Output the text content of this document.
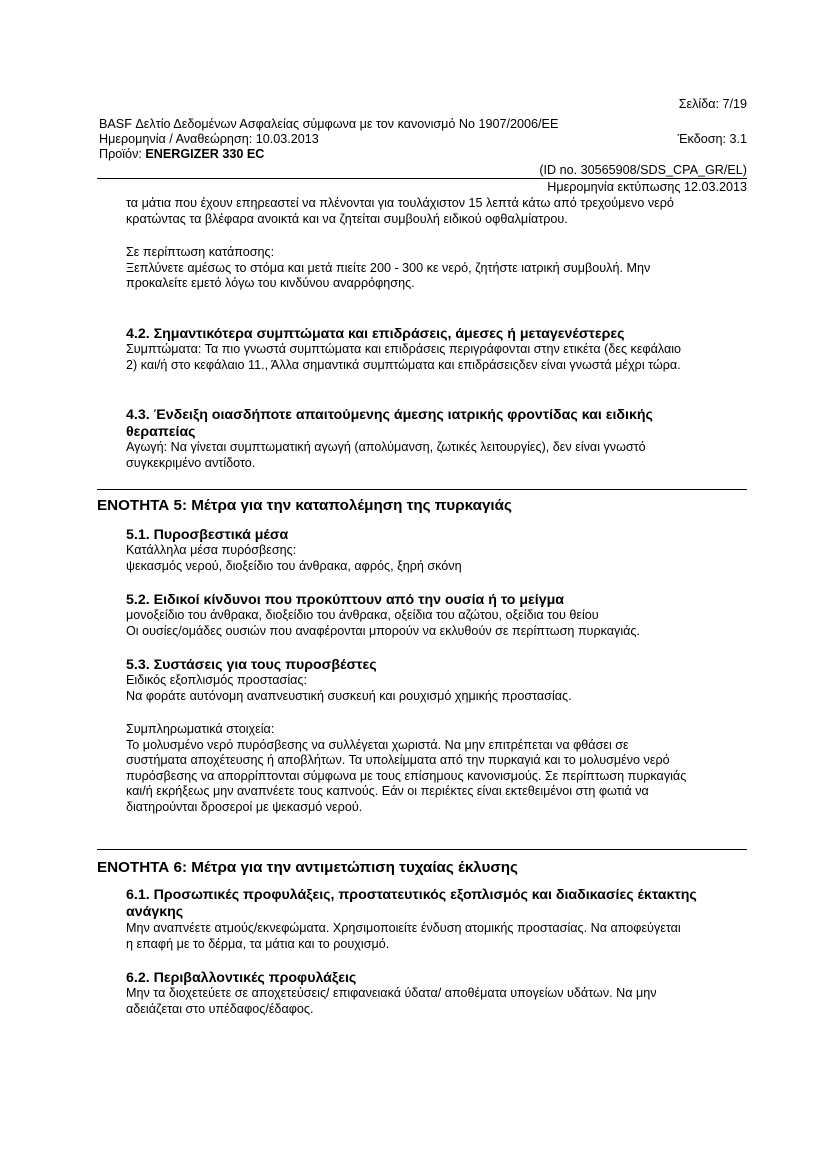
Σελίδα: 7/19
BASF Δελτίο Δεδομένων Ασφαλείας σύμφωνα με τον κανονισμό Νο 1907/2006/ΕΕ
Ημερομηνία / Αναθεώρηση: 10.03.2013	Έκδοση: 3.1
Προϊόν: ENERGIZER 330 EC
(ID no. 30565908/SDS_CPA_GR/EL)
Ημερομηνία εκτύπωσης 12.03.2013
τα μάτια που έχουν επηρεαστεί να πλένονται για τουλάχιστον 15 λεπτά κάτω από τρεχούμενο νερό
κρατώντας τα βλέφαρα ανοικτά και να ζητείται συμβουλή ειδικού οφθαλμίατρου.
Σε περίπτωση κατάποσης:
Ξεπλύνετε αμέσως το στόμα και μετά πιείτε 200 - 300 κε νερό, ζητήστε ιατρική συμβουλή. Μην
προκαλείτε εμετό λόγω του κινδύνου αναρρόφησης.
4.2. Σημαντικότερα συμπτώματα και επιδράσεις, άμεσες ή μεταγενέστερες
Συμπτώματα: Τα πιο γνωστά συμπτώματα και επιδράσεις περιγράφονται στην ετικέτα (δες κεφάλαιο
2) και/ή στο κεφάλαιο 11., Άλλα σημαντικά συμπτώματα και επιδράσειςδεν είναι γνωστά μέχρι τώρα.
4.3. Ένδειξη οιασδήποτε απαιτούμενης άμεσης ιατρικής φροντίδας και ειδικής
θεραπείας
Αγωγή: Να γίνεται συμπτωματική αγωγή (απολύμανση, ζωτικές λειτουργίες), δεν είναι γνωστό
συγκεκριμένο αντίδοτο.
ΕΝΟΤΗΤΑ 5: Μέτρα για την καταπολέμηση της πυρκαγιάς
5.1. Πυροσβεστικά μέσα
Κατάλληλα μέσα πυρόσβεσης:
ψεκασμός νερού, διοξείδιο του άνθρακα, αφρός, ξηρή σκόνη
5.2. Ειδικοί κίνδυνοι που προκύπτουν από την ουσία ή το μείγμα
μονοξείδιο του άνθρακα, διοξείδιο του άνθρακα, οξείδια του αζώτου, οξείδια του θείου
Οι ουσίες/ομάδες ουσιών που αναφέρονται μπορούν να εκλυθούν σε περίπτωση πυρκαγιάς.
5.3. Συστάσεις για τους πυροσβέστες
Ειδικός εξοπλισμός προστασίας:
Να φοράτε αυτόνομη αναπνευστική συσκευή και ρουχισμό χημικής προστασίας.
Συμπληρωματικά στοιχεία:
Το μολυσμένο νερό πυρόσβεσης να συλλέγεται χωριστά. Να μην επιτρέπεται να φθάσει σε
συστήματα αποχέτευσης ή αποβλήτων. Τα υπολείμματα από την πυρκαγιά και το μολυσμένο νερό
πυρόσβεσης να απορρίπτονται σύμφωνα με τους επίσημους κανονισμούς. Σε περίπτωση πυρκαγιάς
και/ή εκρήξεως μην αναπνέετε τους καπνούς. Εάν οι περιέκτες είναι εκτεθειμένοι στη φωτιά να
διατηρούνται δροσεροί με ψεκασμό νερού.
ΕΝΟΤΗΤΑ 6: Μέτρα για την αντιμετώπιση τυχαίας έκλυσης
6.1. Προσωπικές προφυλάξεις, προστατευτικός εξοπλισμός και διαδικασίες έκτακτης
ανάγκης
Μην αναπνέετε ατμούς/εκνεφώματα. Χρησιμοποιείτε ένδυση ατομικής προστασίας. Να αποφεύγεται
η επαφή με το δέρμα, τα μάτια και το ρουχισμό.
6.2. Περιβαλλοντικές προφυλάξεις
Μην τα διοχετεύετε σε αποχετεύσεις/ επιφανειακά ύδατα/ αποθέματα υπογείων υδάτων. Να μην
αδειάζεται στο υπέδαφος/έδαφος.
